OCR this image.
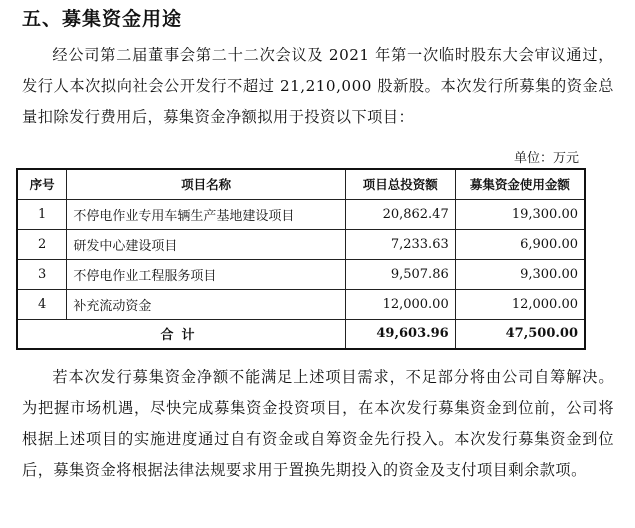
五、募集资金用途

经公司第二届董事会第二十二次会议及 2021 年第一次临时股东大会审议通过，发行人本次拟向社会公开发行不超过 21,210,000 股新股。本次发行所募集的资金总量扣除发行费用后，募集资金净额拟用于投资以下项目：

单位：万元
序号	项目名称	项目总投资额	募集资金使用金额
1	不停电作业专用车辆生产基地建设项目	20,862.47	19,300.00
2	研发中心建设项目	7,233.63	6,900.00
3	不停电作业工程服务项目	9,507.86	9,300.00
4	补充流动资金	12,000.00	12,000.00
合计		49,603.96	47,500.00

若本次发行募集资金净额不能满足上述项目需求，不足部分将由公司自筹解决。为把握市场机遇，尽快完成募集资金投资项目，在本次发行募集资金到位前，公司将根据上述项目的实施进度通过自有资金或自筹资金先行投入。本次发行募集资金到位后，募集资金将根据法律法规要求用于置换先期投入的资金及支付项目剩余款项。
